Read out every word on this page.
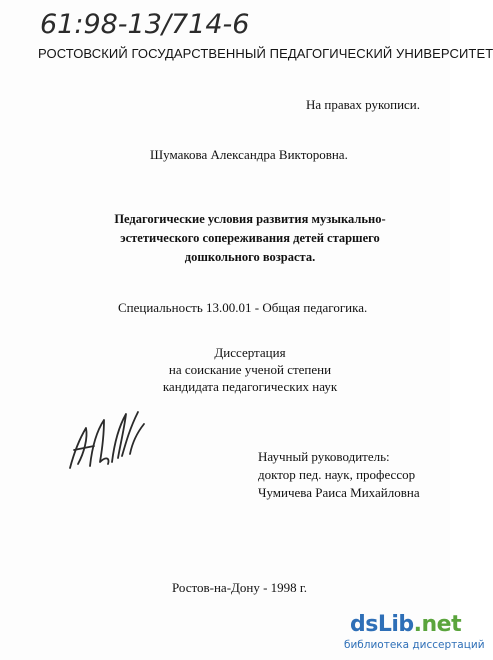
61:98-13/714-6
РОСТОВСКИЙ ГОСУДАРСТВЕННЫЙ ПЕДАГОГИЧЕСКИЙ УНИВЕРСИТЕТ
На правах рукописи.
Шумакова Александра Викторовна.
Педагогические условия развития музыкально-
эстетического сопереживания детей старшего
дошкольного возраста.
Специальность 13.00.01 - Общая педагогика.
Диссертация
на соискание ученой степени
кандидата педагогических наук
Научный руководитель:
доктор пед. наук, профессор
Чумичева Раиса Михайловна
Ростов-на-Дону - 1998 г.
dsLib.net
библиотека диссертаций
